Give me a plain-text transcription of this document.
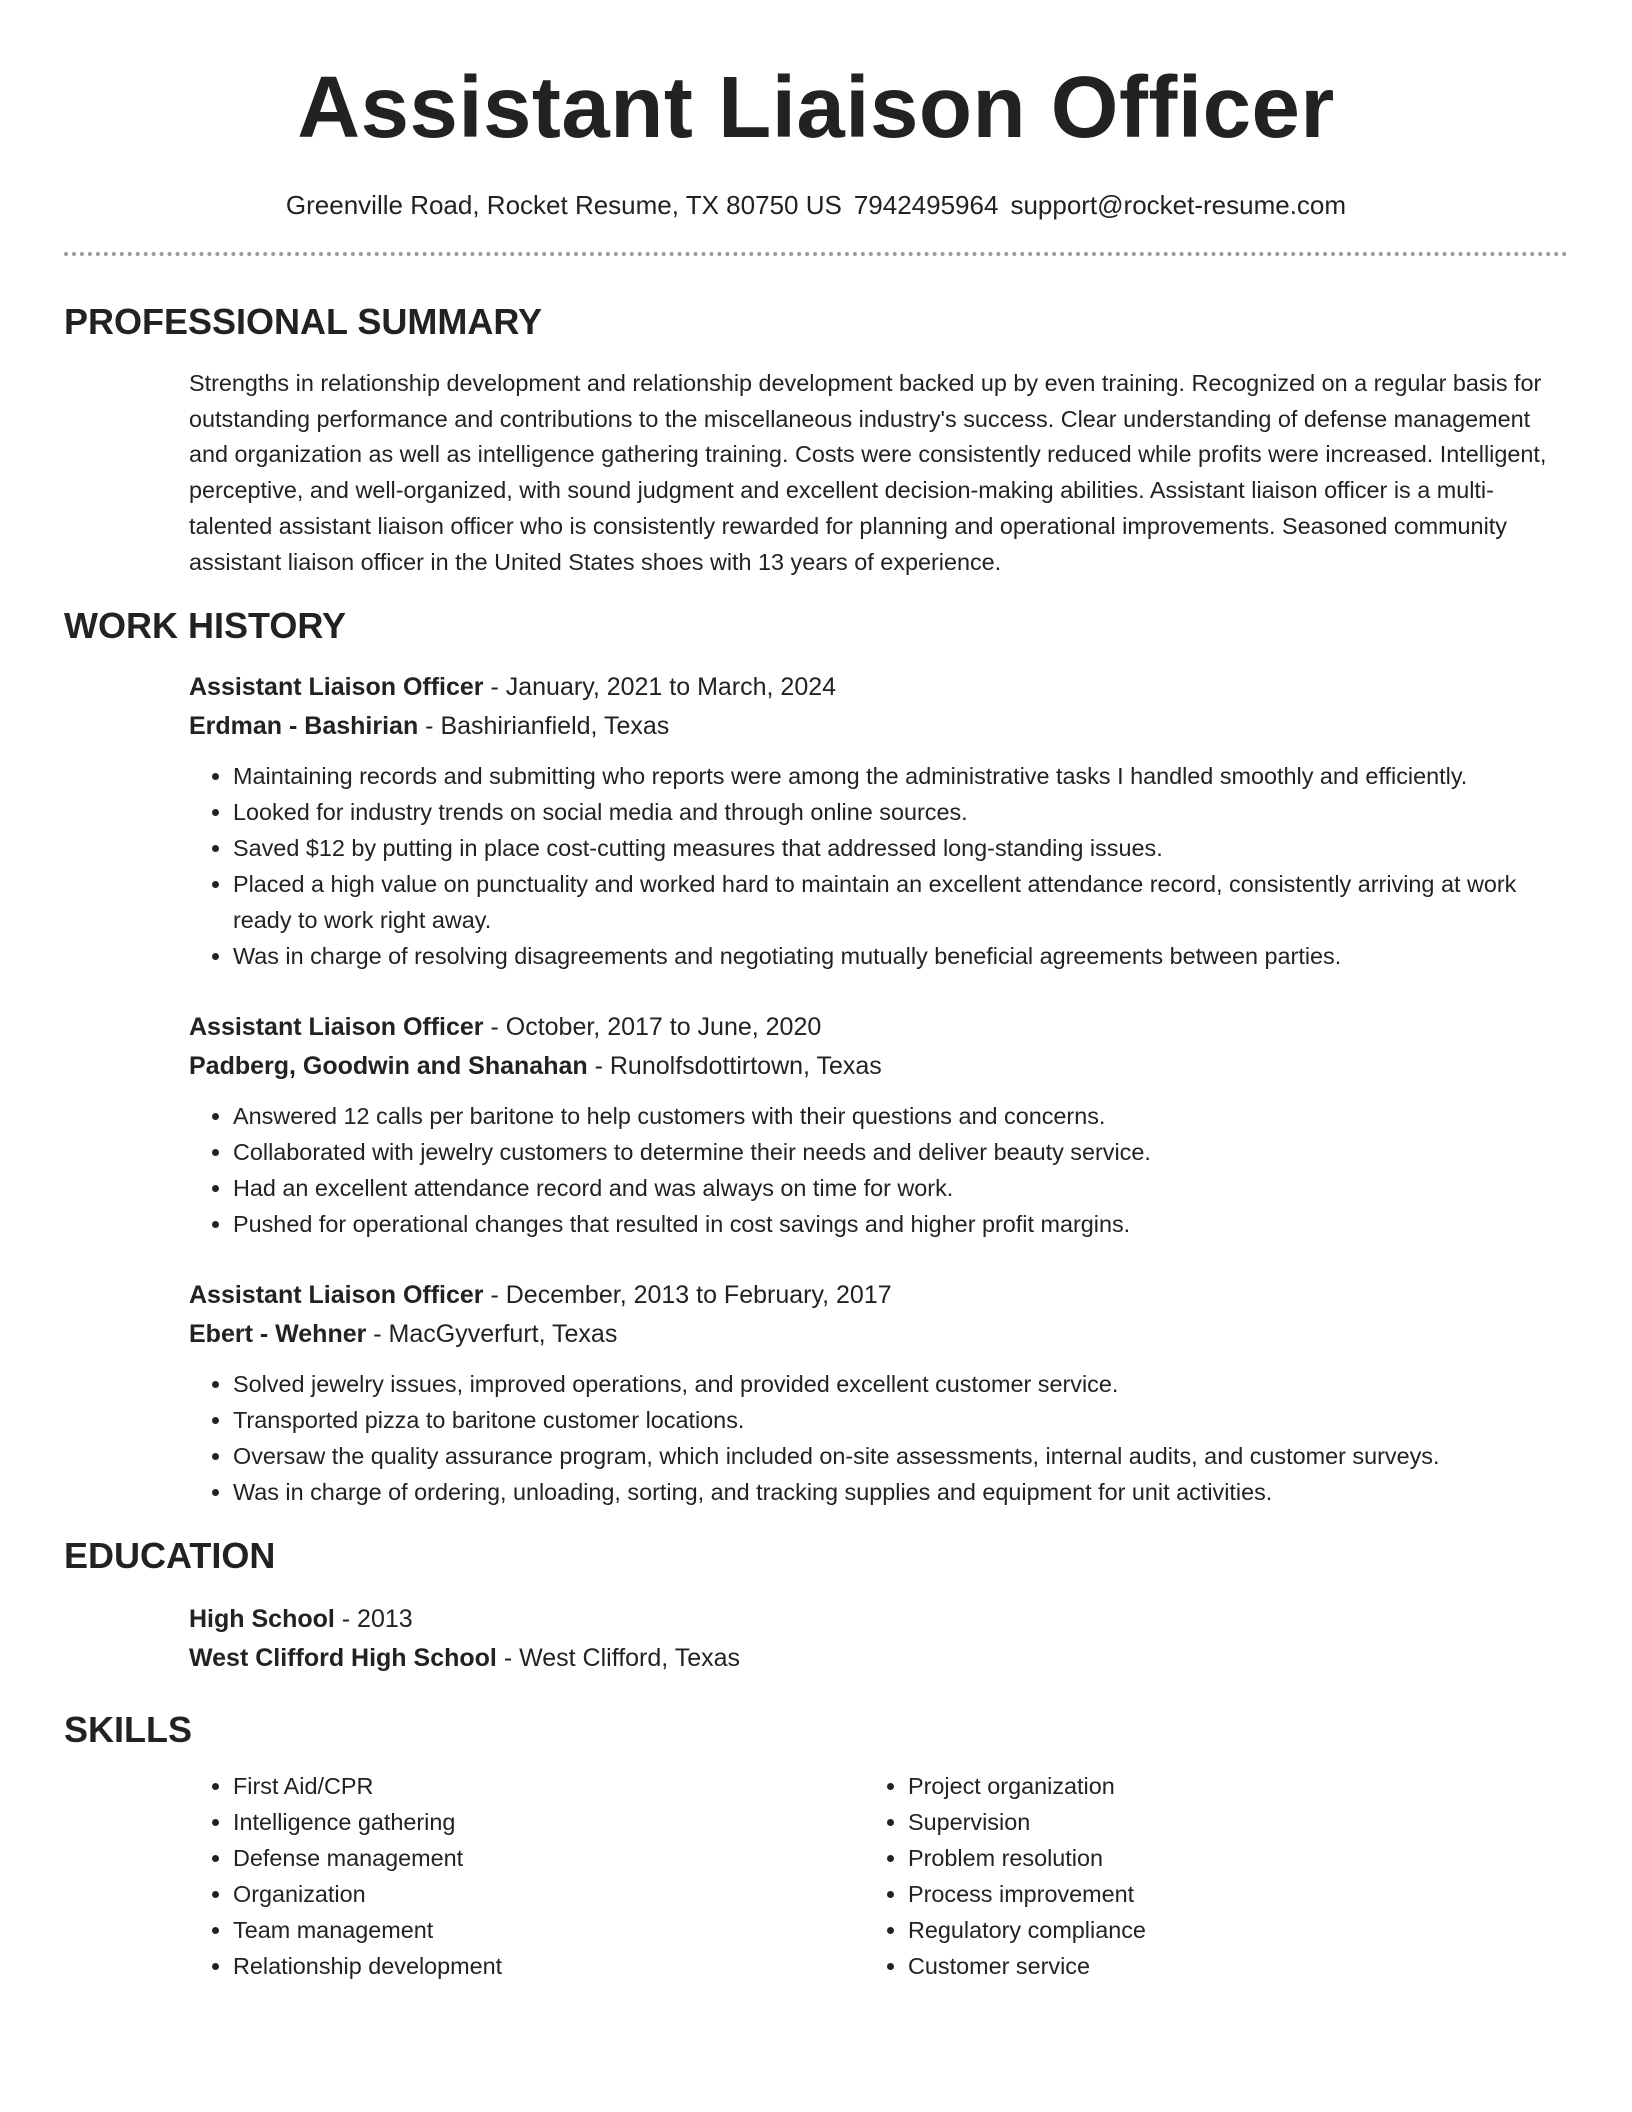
Assistant Liaison Officer
Greenville Road, Rocket Resume, TX 80750 US 7942495964 support@rocket-resume.com
PROFESSIONAL SUMMARY
Strengths in relationship development and relationship development backed up by even training. Recognized on a regular basis for outstanding performance and contributions to the miscellaneous industry's success. Clear understanding of defense management and organization as well as intelligence gathering training. Costs were consistently reduced while profits were increased. Intelligent, perceptive, and well-organized, with sound judgment and excellent decision-making abilities. Assistant liaison officer is a multi-talented assistant liaison officer who is consistently rewarded for planning and operational improvements. Seasoned community assistant liaison officer in the United States shoes with 13 years of experience.
WORK HISTORY
Assistant Liaison Officer - January, 2021 to March, 2024
Erdman - Bashirian - Bashirianfield, Texas
• Maintaining records and submitting who reports were among the administrative tasks I handled smoothly and efficiently.
• Looked for industry trends on social media and through online sources.
• Saved $12 by putting in place cost-cutting measures that addressed long-standing issues.
• Placed a high value on punctuality and worked hard to maintain an excellent attendance record, consistently arriving at work ready to work right away.
• Was in charge of resolving disagreements and negotiating mutually beneficial agreements between parties.
Assistant Liaison Officer - October, 2017 to June, 2020
Padberg, Goodwin and Shanahan - Runolfsdottirtown, Texas
• Answered 12 calls per baritone to help customers with their questions and concerns.
• Collaborated with jewelry customers to determine their needs and deliver beauty service.
• Had an excellent attendance record and was always on time for work.
• Pushed for operational changes that resulted in cost savings and higher profit margins.
Assistant Liaison Officer - December, 2013 to February, 2017
Ebert - Wehner - MacGyverfurt, Texas
• Solved jewelry issues, improved operations, and provided excellent customer service.
• Transported pizza to baritone customer locations.
• Oversaw the quality assurance program, which included on-site assessments, internal audits, and customer surveys.
• Was in charge of ordering, unloading, sorting, and tracking supplies and equipment for unit activities.
EDUCATION
High School - 2013
West Clifford High School - West Clifford, Texas
SKILLS
• First Aid/CPR
• Intelligence gathering
• Defense management
• Organization
• Team management
• Relationship development
• Project organization
• Supervision
• Problem resolution
• Process improvement
• Regulatory compliance
• Customer service
